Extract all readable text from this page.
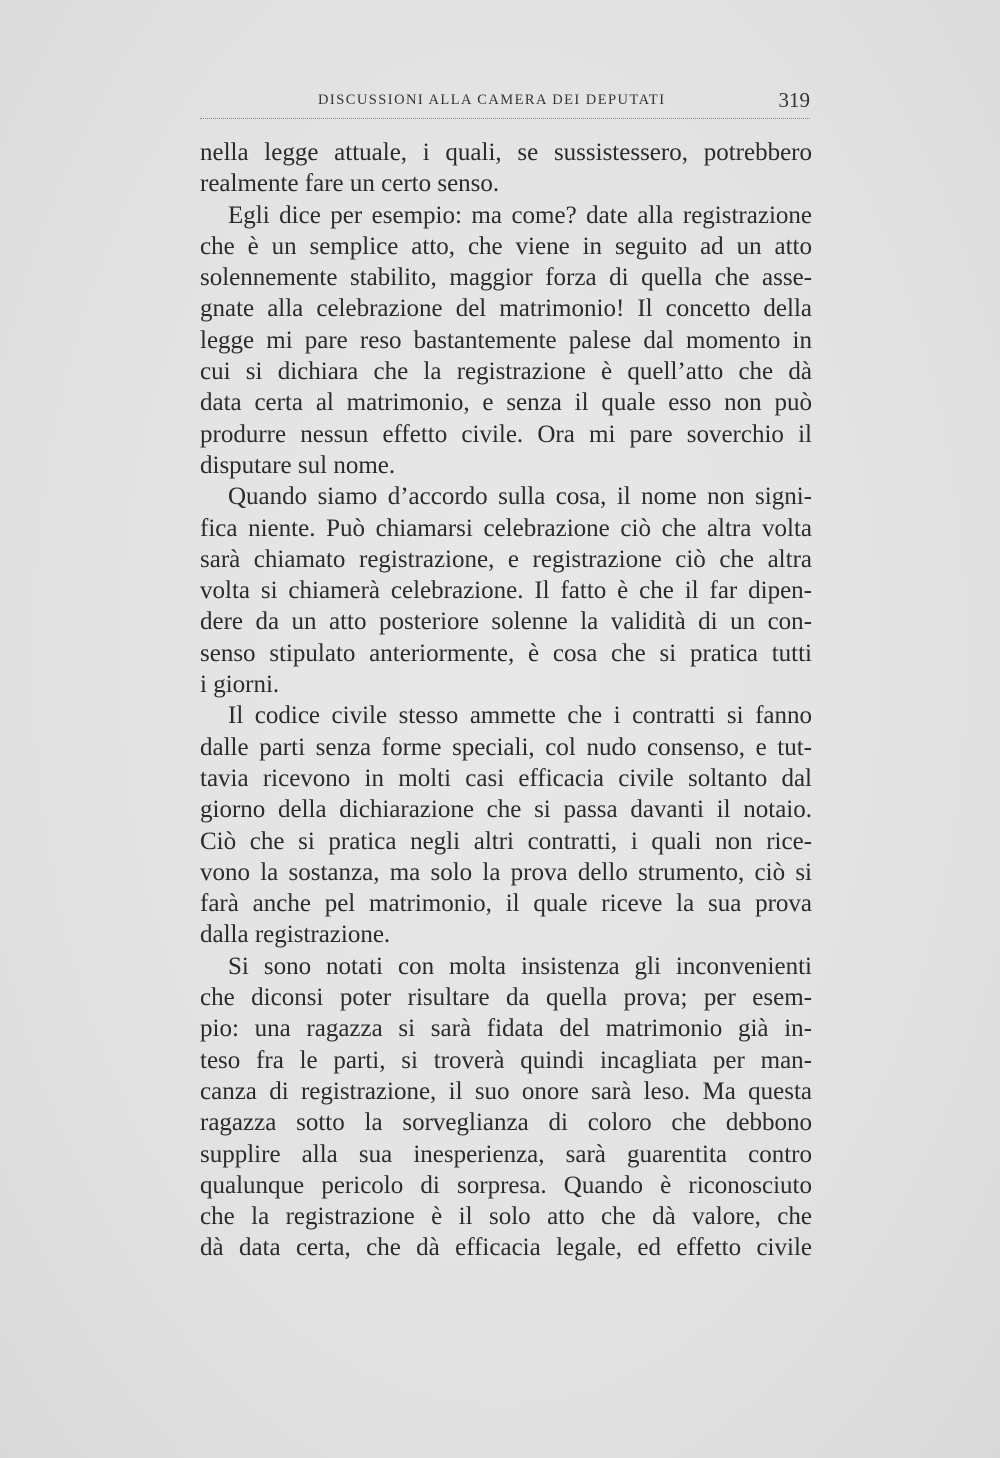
DISCUSSIONI ALLA CAMERA DEI DEPUTATI	319
nella legge attuale, i quali, se sussistessero, potrebbero
realmente fare un certo senso.
Egli dice per esempio: ma come? date alla registrazione
che è un semplice atto, che viene in seguito ad un atto
solennemente stabilito, maggior forza di quella che asse-
gnate alla celebrazione del matrimonio! Il concetto della
legge mi pare reso bastantemente palese dal momento in
cui si dichiara che la registrazione è quell’atto che dà
data certa al matrimonio, e senza il quale esso non può
produrre nessun effetto civile. Ora mi pare soverchio il
disputare sul nome.
Quando siamo d’accordo sulla cosa, il nome non signi-
fica niente. Può chiamarsi celebrazione ciò che altra volta
sarà chiamato registrazione, e registrazione ciò che altra
volta si chiamerà celebrazione. Il fatto è che il far dipen-
dere da un atto posteriore solenne la validità di un con-
senso stipulato anteriormente, è cosa che si pratica tutti
i giorni.
Il codice civile stesso ammette che i contratti si fanno
dalle parti senza forme speciali, col nudo consenso, e tut-
tavia ricevono in molti casi efficacia civile soltanto dal
giorno della dichiarazione che si passa davanti il notaio.
Ciò che si pratica negli altri contratti, i quali non rice-
vono la sostanza, ma solo la prova dello strumento, ciò si
farà anche pel matrimonio, il quale riceve la sua prova
dalla registrazione.
Si sono notati con molta insistenza gli inconvenienti
che diconsi poter risultare da quella prova; per esem-
pio: una ragazza si sarà fidata del matrimonio già in-
teso fra le parti, si troverà quindi incagliata per man-
canza di registrazione, il suo onore sarà leso. Ma questa
ragazza sotto la sorveglianza di coloro che debbono
supplire alla sua inesperienza, sarà guarentita contro
qualunque pericolo di sorpresa. Quando è riconosciuto
che la registrazione è il solo atto che dà valore, che
dà data certa, che dà efficacia legale, ed effetto civile
